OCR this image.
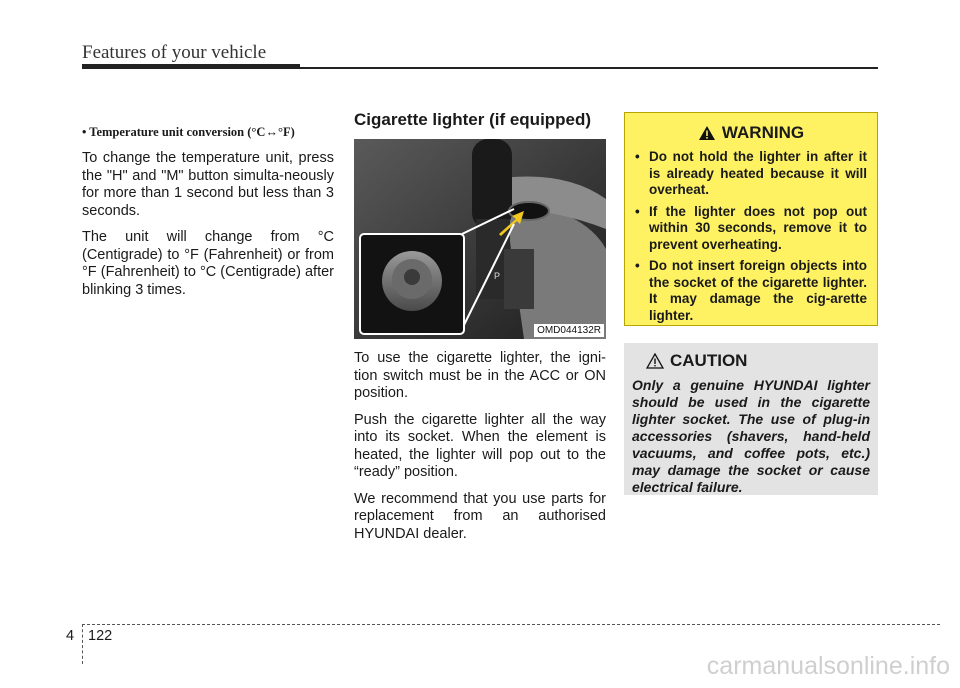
Features of your vehicle

• Temperature unit conversion (°C↔°F)

To change the temperature unit, press the "H" and "M" button simulta-neously for more than 1 second but less than 3 seconds.

The unit will change from °C (Centigrade) to °F (Fahrenheit) or from °F (Fahrenheit) to °C (Centigrade) after blinking 3 times.

Cigarette lighter (if equipped)
P
OMD044132R

To use the cigarette lighter, the igni-tion switch must be in the ACC or ON position.

Push the cigarette lighter all the way into its socket. When the element is heated, the lighter will pop out to the “ready” position.

We recommend that you use parts for replacement from an authorised HYUNDAI dealer.

WARNING
• Do not hold the lighter in after it is already heated because it will overheat.
• If the lighter does not pop out within 30 seconds, remove it to prevent overheating.
• Do not insert foreign objects into the socket of the cigarette lighter. It may damage the cig-arette lighter.
CAUTION

Only a genuine HYUNDAI lighter should be used in the cigarette lighter socket. The use of plug-in accessories (shavers, hand-held vacuums, and coffee pots, etc.) may damage the socket or cause electrical failure.

4 122
carmanualsonline.info
